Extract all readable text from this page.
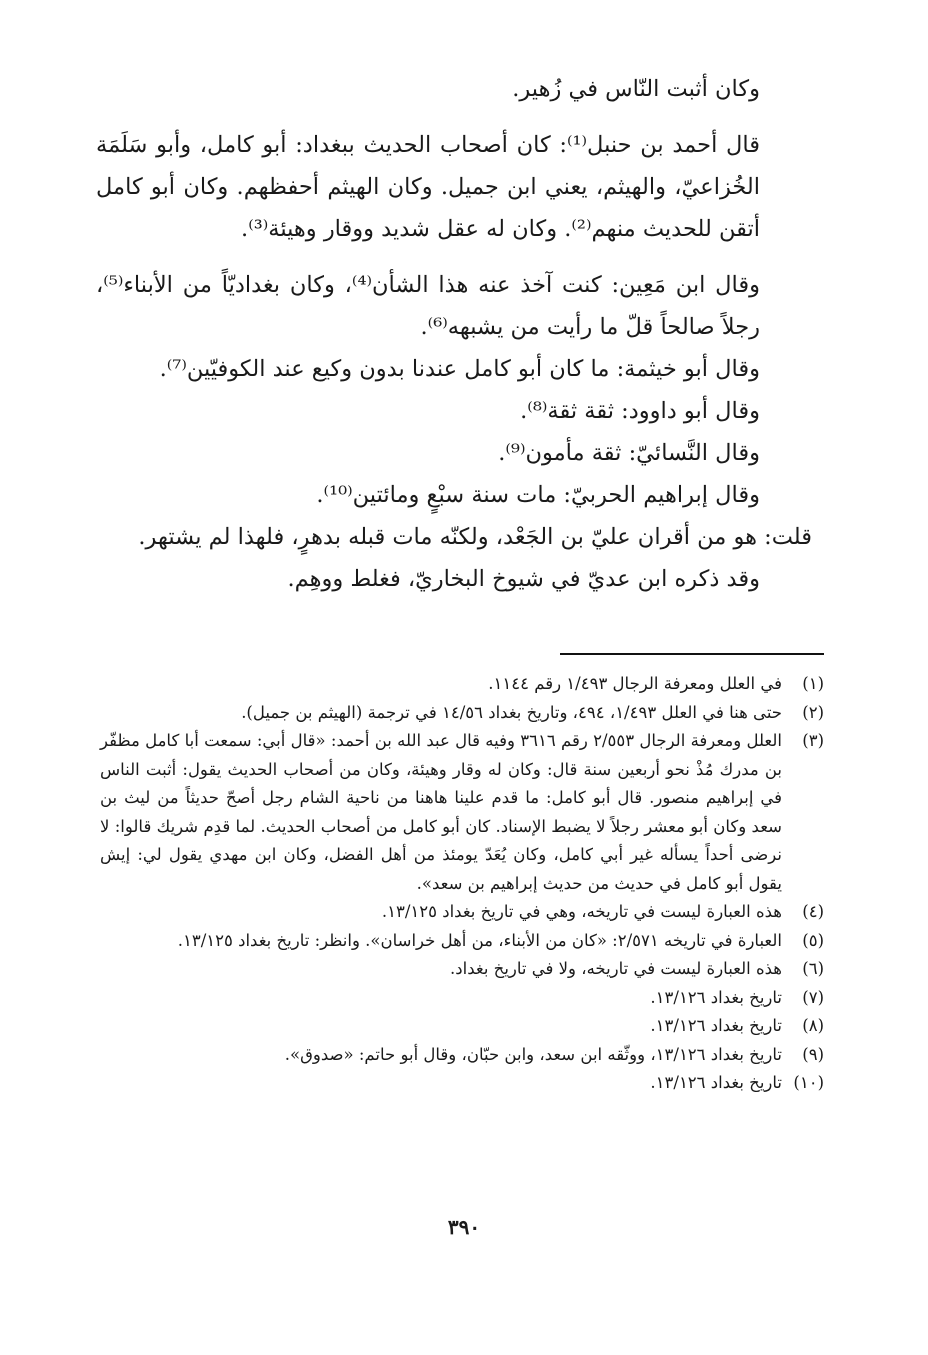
وكان أثبت النّاس في زُهير.

قال أحمد بن حنبل⁽¹⁾: كان أصحاب الحديث ببغداد: أبو كامل، وأبو سَلَمَة الخُزاعيّ، والهيثم، يعني ابن جميل. وكان الهيثم أحفظهم. وكان أبو كامل أتقن للحديث منهم⁽²⁾. وكان له عقل شديد ووقار وهيئة⁽³⁾.

وقال ابن مَعِين: كنت آخذ عنه هذا الشأن⁽⁴⁾، وكان بغداديّاً من الأبناء⁽⁵⁾، رجلاً صالحاً قلّ ما رأيت من يشبهه⁽⁶⁾.

وقال أبو خيثمة: ما كان أبو كامل عندنا بدون وكيع عند الكوفيّين⁽⁷⁾.

وقال أبو داوود: ثقة ثقة⁽⁸⁾.

وقال النَّسائيّ: ثقة مأمون⁽⁹⁾.

وقال إبراهيم الحربيّ: مات سنة سبْعٍ ومائتين⁽¹⁰⁾.

قلت: هو من أقران عليّ بن الجَعْد، ولكنّه مات قبله بدهرٍ، فلهذا لم يشتهر.

وقد ذكره ابن عديّ في شيوخ البخاريّ، فغلط ووهِم.

(١)
في العلل ومعرفة الرجال ١/٤٩٣ رقم ١١٤٤.
(٢)
حتى هنا في العلل ١/٤٩٣، ٤٩٤، وتاريخ بغداد ١٤/٥٦ في ترجمة (الهيثم بن جميل).
(٣)
العلل ومعرفة الرجال ٢/٥٥٣ رقم ٣٦١٦ وفيه قال عبد الله بن أحمد: «قال أبي: سمعت أبا كامل مظفّر بن مدرك مُذْ نحو أربعين سنة قال: وكان له وقار وهيئة، وكان من أصحاب الحديث يقول: أثبت الناس في إبراهيم منصور. قال أبو كامل: ما قدم علينا هاهنا من ناحية الشام رجل أصحّ حديثاً من ليث بن سعد وكان أبو معشر رجلاً لا يضبط الإسناد. كان أبو كامل من أصحاب الحديث. لما قدِم شريك قالوا: لا نرضى أحداً يسأله غير أبي كامل، وكان يُعَدّ يومئذ من أهل الفضل، وكان ابن مهدي يقول لي: إيش يقول أبو كامل في حديث من حديث إبراهيم بن سعد».
(٤)
هذه العبارة ليست في تاريخه، وهي في تاريخ بغداد ١٣/١٢٥.
(٥)
العبارة في تاريخه ٢/٥٧١: «كان من الأبناء، من أهل خراسان». وانظر: تاريخ بغداد ١٣/١٢٥.
(٦)
هذه العبارة ليست في تاريخه، ولا في تاريخ بغداد.
(٧)
تاريخ بغداد ١٣/١٢٦.
(٨)
تاريخ بغداد ١٣/١٢٦.
(٩)
تاريخ بغداد ١٣/١٢٦، ووثّقه ابن سعد، وابن حبّان، وقال أبو حاتم: «صدوق».
(١٠)
تاريخ بغداد ١٣/١٢٦.
٣٩٠
